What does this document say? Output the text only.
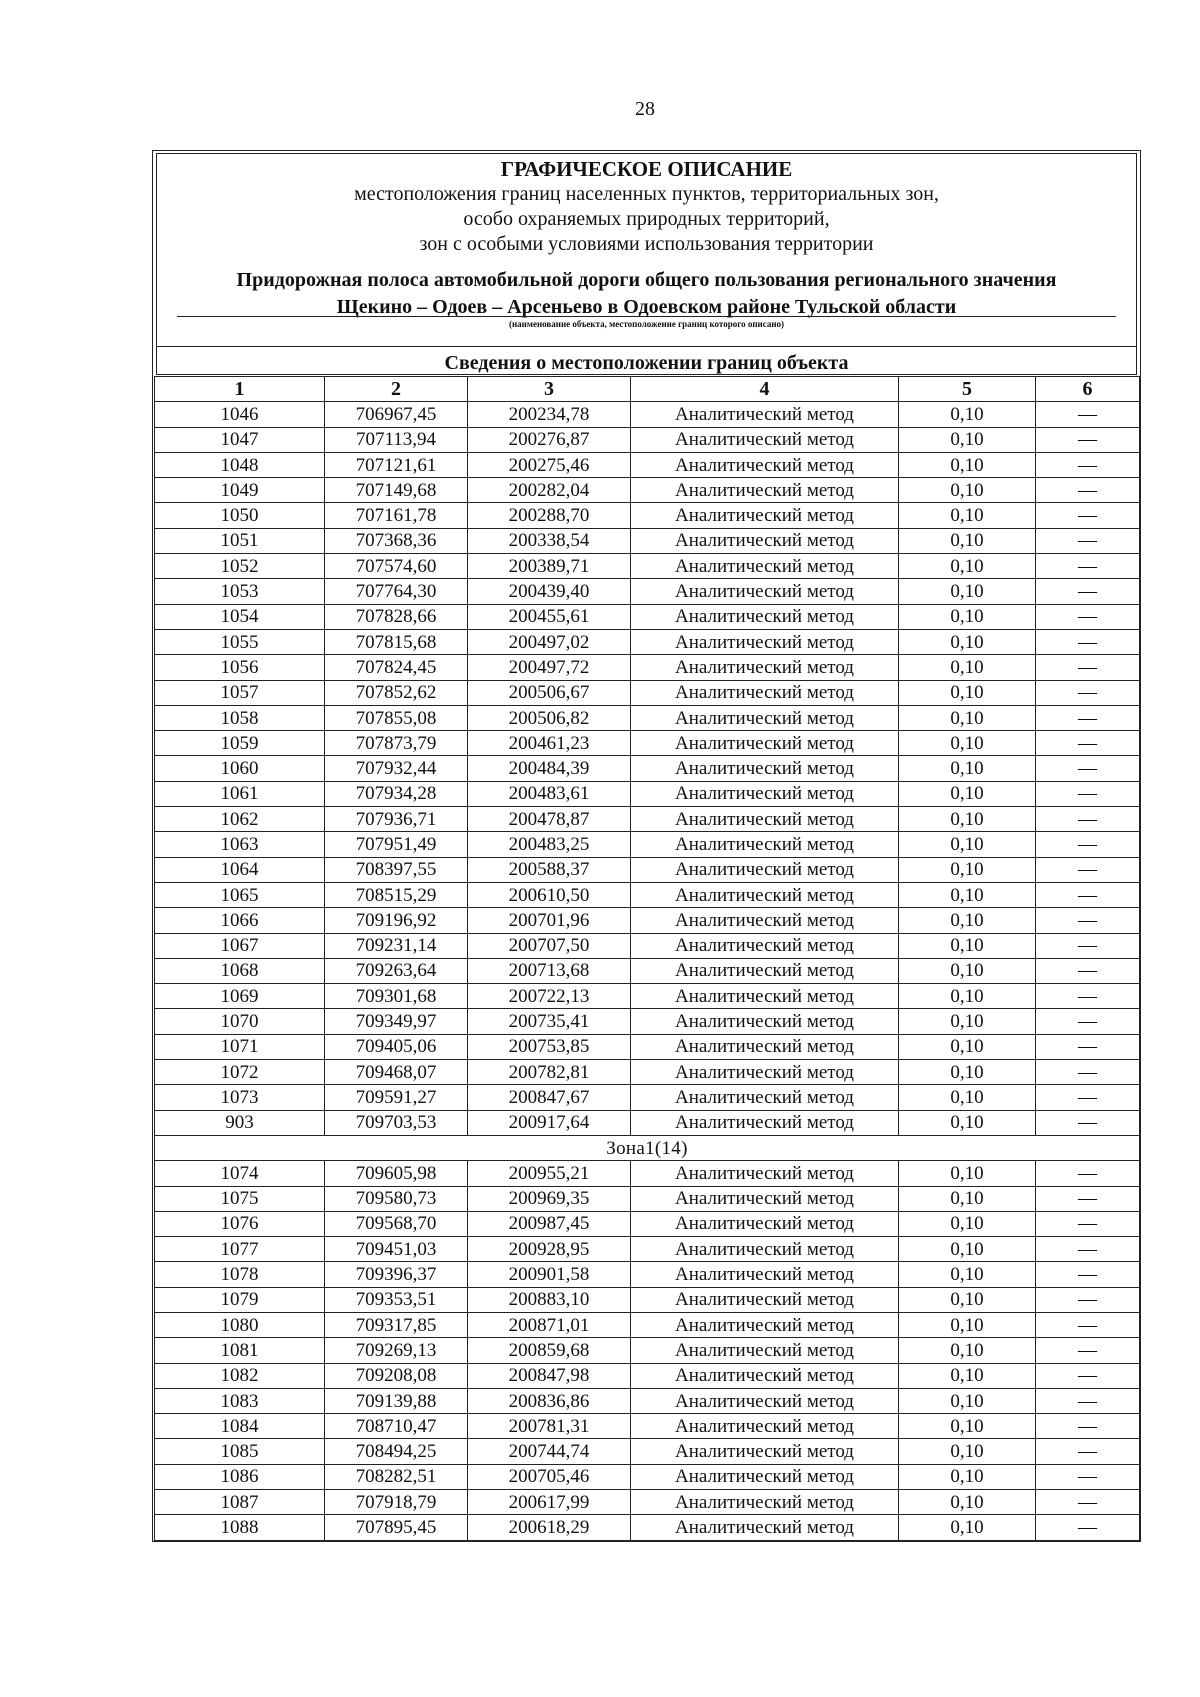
28
ГРАФИЧЕСКОЕ ОПИСАНИЕ
местоположения границ населенных пунктов, территориальных зон,
особо охраняемых природных территорий,
зон с особыми условиями использования территории
Придорожная полоса автомобильной дороги общего пользования регионального значения
Щекино – Одоев – Арсеньево в Одоевском районе Тульской области
(наименование объекта, местоположение границ которого описано)
Сведения о местоположении границ объекта
1	2	3	4	5	6
1046	706967,45	200234,78	Аналитический метод	0,10	—
1047	707113,94	200276,87	Аналитический метод	0,10	—
1048	707121,61	200275,46	Аналитический метод	0,10	—
1049	707149,68	200282,04	Аналитический метод	0,10	—
1050	707161,78	200288,70	Аналитический метод	0,10	—
1051	707368,36	200338,54	Аналитический метод	0,10	—
1052	707574,60	200389,71	Аналитический метод	0,10	—
1053	707764,30	200439,40	Аналитический метод	0,10	—
1054	707828,66	200455,61	Аналитический метод	0,10	—
1055	707815,68	200497,02	Аналитический метод	0,10	—
1056	707824,45	200497,72	Аналитический метод	0,10	—
1057	707852,62	200506,67	Аналитический метод	0,10	—
1058	707855,08	200506,82	Аналитический метод	0,10	—
1059	707873,79	200461,23	Аналитический метод	0,10	—
1060	707932,44	200484,39	Аналитический метод	0,10	—
1061	707934,28	200483,61	Аналитический метод	0,10	—
1062	707936,71	200478,87	Аналитический метод	0,10	—
1063	707951,49	200483,25	Аналитический метод	0,10	—
1064	708397,55	200588,37	Аналитический метод	0,10	—
1065	708515,29	200610,50	Аналитический метод	0,10	—
1066	709196,92	200701,96	Аналитический метод	0,10	—
1067	709231,14	200707,50	Аналитический метод	0,10	—
1068	709263,64	200713,68	Аналитический метод	0,10	—
1069	709301,68	200722,13	Аналитический метод	0,10	—
1070	709349,97	200735,41	Аналитический метод	0,10	—
1071	709405,06	200753,85	Аналитический метод	0,10	—
1072	709468,07	200782,81	Аналитический метод	0,10	—
1073	709591,27	200847,67	Аналитический метод	0,10	—
903	709703,53	200917,64	Аналитический метод	0,10	—
Зона1(14)					
1074	709605,98	200955,21	Аналитический метод	0,10	—
1075	709580,73	200969,35	Аналитический метод	0,10	—
1076	709568,70	200987,45	Аналитический метод	0,10	—
1077	709451,03	200928,95	Аналитический метод	0,10	—
1078	709396,37	200901,58	Аналитический метод	0,10	—
1079	709353,51	200883,10	Аналитический метод	0,10	—
1080	709317,85	200871,01	Аналитический метод	0,10	—
1081	709269,13	200859,68	Аналитический метод	0,10	—
1082	709208,08	200847,98	Аналитический метод	0,10	—
1083	709139,88	200836,86	Аналитический метод	0,10	—
1084	708710,47	200781,31	Аналитический метод	0,10	—
1085	708494,25	200744,74	Аналитический метод	0,10	—
1086	708282,51	200705,46	Аналитический метод	0,10	—
1087	707918,79	200617,99	Аналитический метод	0,10	—
1088	707895,45	200618,29	Аналитический метод	0,10	—
